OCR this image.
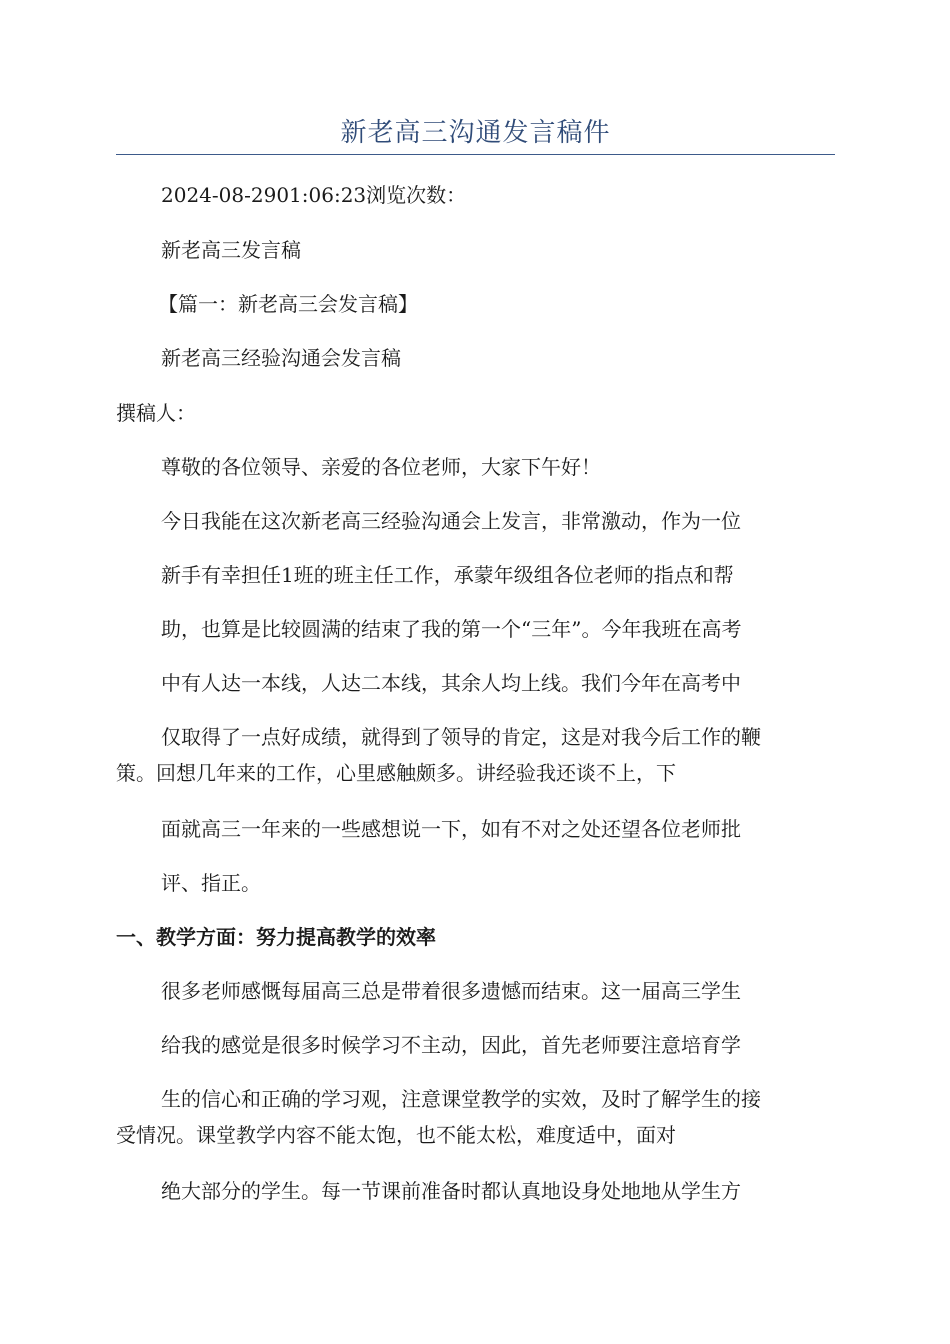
新老高三沟通发言稿件
2024-08-2901:06:23浏览次数：
新老高三发言稿
【篇一：新老高三会发言稿】
新老高三经验沟通会发言稿
撰稿人：
尊敬的各位领导、亲爱的各位老师，大家下午好！
今日我能在这次新老高三经验沟通会上发言，非常激动，作为一位
新手有幸担任1班的班主任工作，承蒙年级组各位老师的指点和帮
助，也算是比较圆满的结束了我的第一个“三年”。今年我班在高考
中有人达一本线，人达二本线，其余人均上线。我们今年在高考中
仅取得了一点好成绩，就得到了领导的肯定，这是对我今后工作的鞭
策。回想几年来的工作，心里感触颇多。讲经验我还谈不上，下
面就高三一年来的一些感想说一下，如有不对之处还望各位老师批
评、指正。
一、教学方面：努力提高教学的效率
很多老师感慨每届高三总是带着很多遗憾而结束。这一届高三学生
给我的感觉是很多时候学习不主动，因此，首先老师要注意培育学
生的信心和正确的学习观，注意课堂教学的实效，及时了解学生的接
受情况。课堂教学内容不能太饱，也不能太松，难度适中，面对
绝大部分的学生。每一节课前准备时都认真地设身处地地从学生方
